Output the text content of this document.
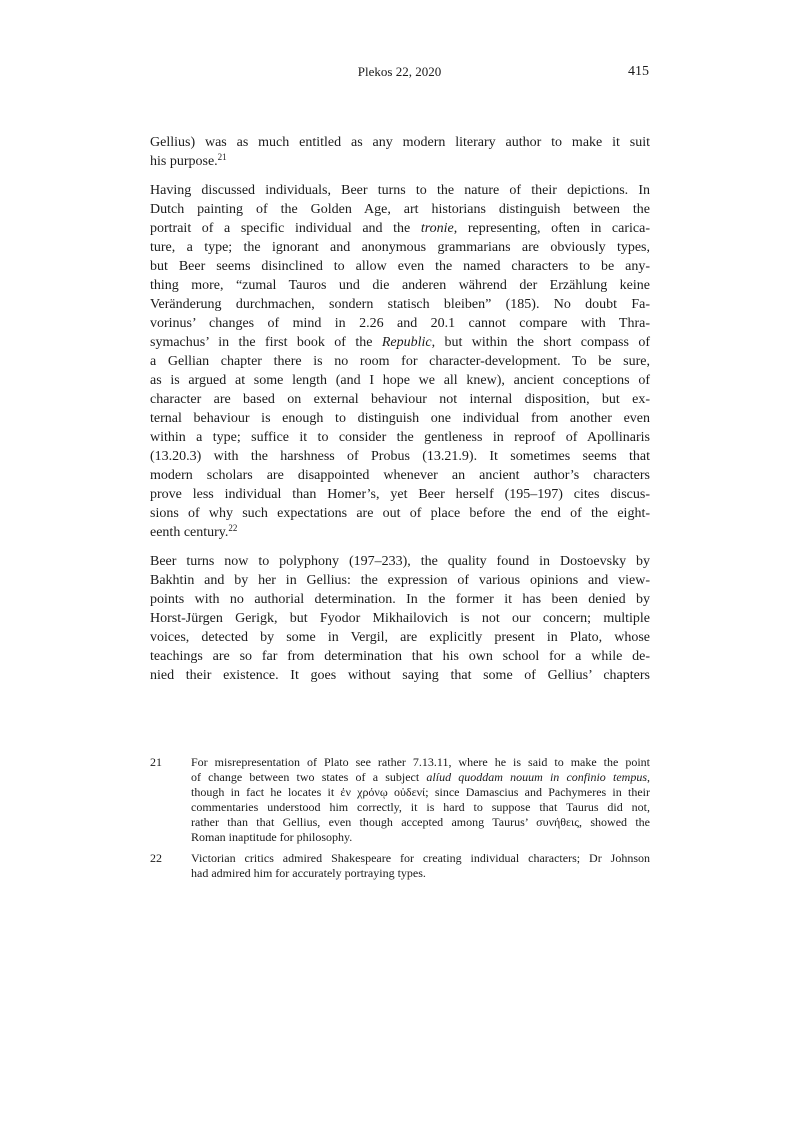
Plekos 22, 2020	415
Gellius) was as much entitled as any modern literary author to make it suit
his purpose.$^{21}$
Having discussed individuals, Beer turns to the nature of their depictions. In
Dutch painting of the Golden Age, art historians distinguish between the
portrait of a specific individual and the tronie, representing, often in carica-
ture, a type; the ignorant and anonymous grammarians are obviously types,
but Beer seems disinclined to allow even the named characters to be any-
thing more, “zumal Tauros und die anderen während der Erzählung keine
Veränderung durchmachen, sondern statisch bleiben” (185). No doubt Fa-
vorinus’ changes of mind in 2.26 and 20.1 cannot compare with Thra-
symachus’ in the first book of the Republic, but within the short compass of
a Gellian chapter there is no room for character-development. To be sure,
as is argued at some length (and I hope we all knew), ancient conceptions of
character are based on external behaviour not internal disposition, but ex-
ternal behaviour is enough to distinguish one individual from another even
within a type; suffice it to consider the gentleness in reproof of Apollinaris
(13.20.3) with the harshness of Probus (13.21.9). It sometimes seems that
modern scholars are disappointed whenever an ancient author’s characters
prove less individual than Homer’s, yet Beer herself (195–197) cites discus-
sions of why such expectations are out of place before the end of the eight-
eenth century.$^{22}$
Beer turns now to polyphony (197–233), the quality found in Dostoevsky by
Bakhtin and by her in Gellius: the expression of various opinions and view-
points with no authorial determination. In the former it has been denied by
Horst-Jürgen Gerigk, but Fyodor Mikhailovich is not our concern; multiple
voices, detected by some in Vergil, are explicitly present in Plato, whose
teachings are so far from determination that his own school for a while de-
nied their existence. It goes without saying that some of Gellius’ chapters
21	For misrepresentation of Plato see rather 7.13.11, where he is said to make the point
of change between two states of a subject alíud quoddam nouum in confinio tempus,
though in fact he locates it ἐν χρόνῳ οὐδενί; since Damascius and Pachymeres in their
commentaries understood him correctly, it is hard to suppose that Taurus did not,
rather than that Gellius, even though accepted among Taurus’ συνήθεις, showed the
Roman inaptitude for philosophy.
22	Victorian critics admired Shakespeare for creating individual characters; Dr Johnson
had admired him for accurately portraying types.
